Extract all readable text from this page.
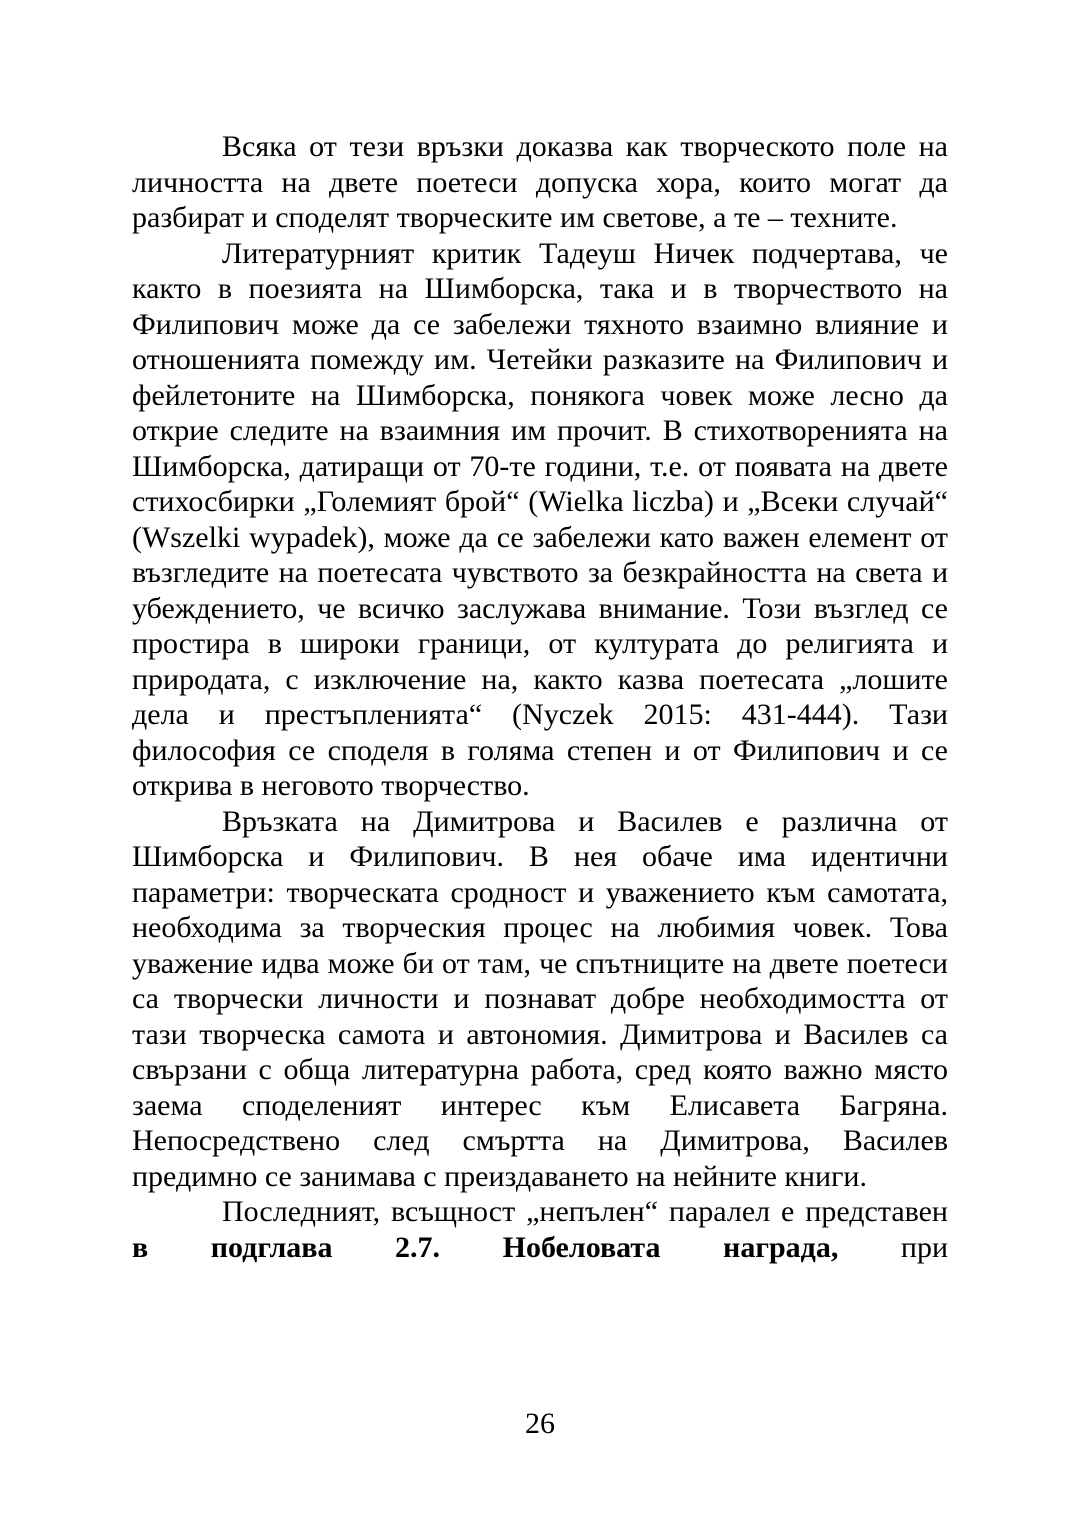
Всяка от тези връзки доказва как творческото поле на личността на двете поетеси допуска хора, които могат да разбират и споделят творческите им светове, а те – техните.

Литературният критик Тадеуш Ничек подчертава, че както в поезията на Шимборска, така и в творчеството на Филипович може да се забележи тяхното взаимно влияние и отношенията помежду им. Четейки разказите на Филипович и фейлетоните на Шимборска, понякога човек може лесно да открие следите на взаимния им прочит. В стихотворенията на Шимборска, датиращи от 70-те години, т.е. от появата на двете стихосбирки „Големият брой“ (Wielka liczba) и „Всеки случай“ (Wszelki wypadek), може да се забележи като важен елемент от възгледите на поетесата чувството за безкрайността на света и убеждението, че всичко заслужава внимание. Този възглед се простира в широки граници, от културата до религията и природата, с изключение на, както казва поетесата „лошите дела и престъпленията“ (Nyczek 2015: 431-444). Тази философия се споделя в голяма степен и от Филипович и се открива в неговото творчество.

Връзката на Димитрова и Василев е различна от Шимборска и Филипович. В нея обаче има идентични параметри: творческата сродност и уважението към самотата, необходима за творческия процес на любимия човек. Това уважение идва може би от там, че спътниците на двете поетеси са творчески личности и познават добре необходимостта от тази творческа самота и автономия. Димитрова и Василев са свързани с обща литературна работа, сред която важно място заема споделеният интерес към Елисавета Багряна. Непосредствено след смъртта на Димитрова, Василев предимно се занимава с преиздаването на нейните книги.

Последният, всъщност „непълен“ паралел е представен в подглава 2.7. Нобеловата награда, при

26
